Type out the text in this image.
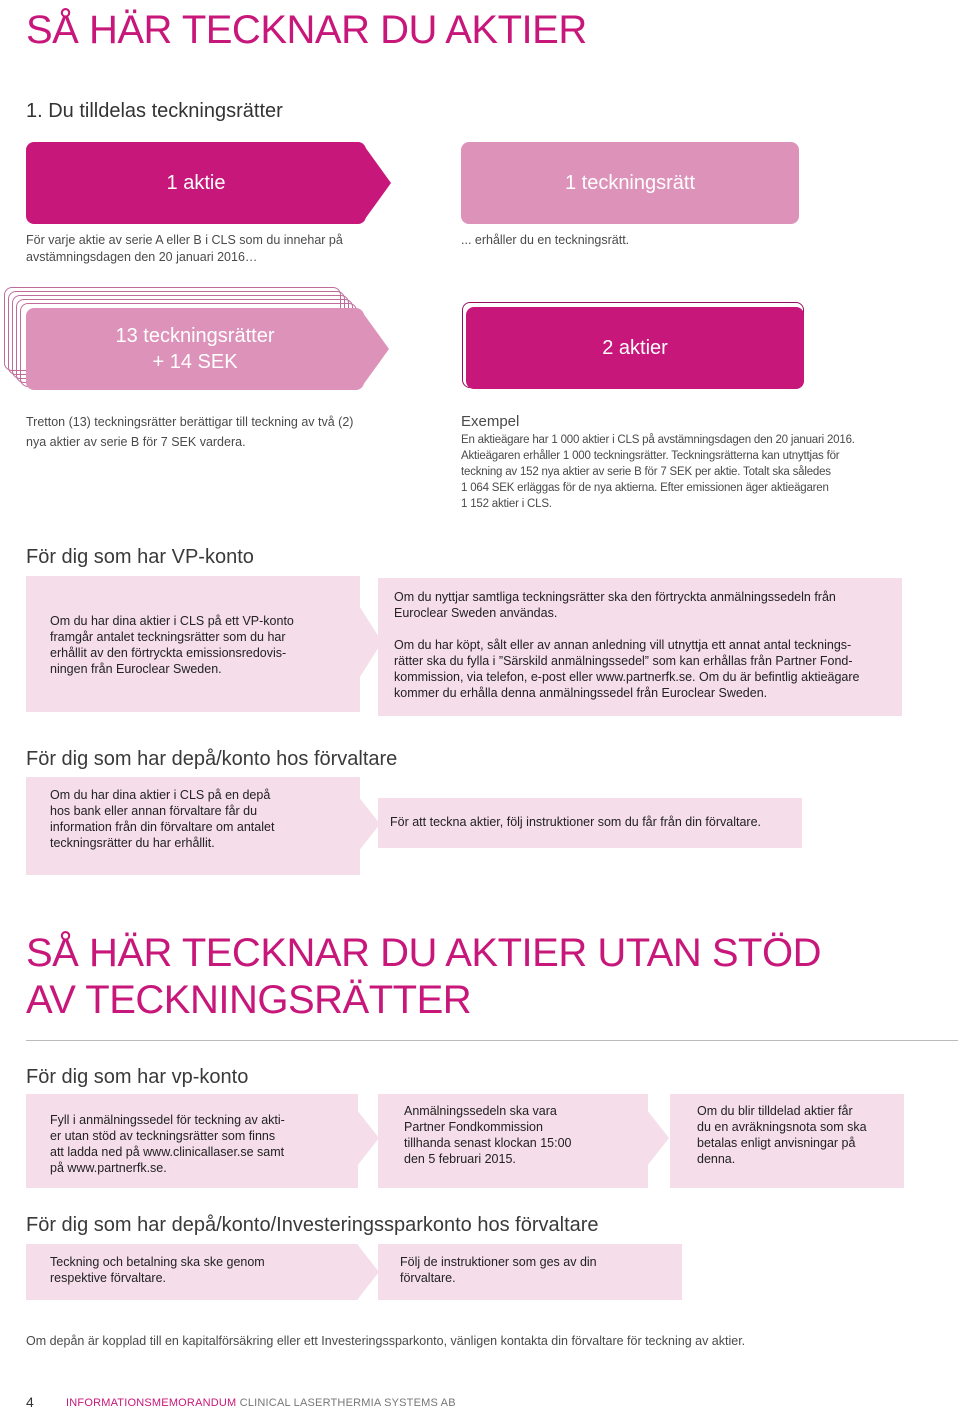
SÅ HÄR TECKNAR DU AKTIER
1. Du tilldelas teckningsrätter
1 aktie	1 teckningsrätt
För varje aktie av serie A eller B i CLS som du innehar på
avstämningsdagen den 20 januari 2016…
... erhåller du en teckningsrätt.
13 teckningsrätter
+ 14 SEK
2 aktier
Tretton (13) teckningsrätter berättigar till teckning av två (2)
nya aktier av serie B för 7 SEK vardera.
Exempel
En aktieägare har 1 000 aktier i CLS på avstämningsdagen den 20 januari 2016.
Aktieägaren erhåller 1 000 teckningsrätter. Teckningsrätterna kan utnyttjas för
teckning av 152 nya aktier av serie B för 7 SEK per aktie. Totalt ska således
1 064 SEK erläggas för de nya aktierna. Efter emissionen äger aktieägaren
1 152 aktier i CLS.
För dig som har VP-konto
Om du har dina aktier i CLS på ett VP-konto
framgår antalet teckningsrätter som du har
erhållit av den förtryckta emissionsredovis-
ningen från Euroclear Sweden.
Om du nyttjar samtliga teckningsrätter ska den förtryckta anmälningssedeln från
Euroclear Sweden användas.
Om du har köpt, sålt eller av annan anledning vill utnyttja ett annat antal tecknings-
rätter ska du fylla i ”Särskild anmälningssedel” som kan erhållas från Partner Fond-
kommission, via telefon, e-post eller www.partnerfk.se. Om du är befintlig aktieägare
kommer du erhålla denna anmälningssedel från Euroclear Sweden.
För dig som har depå/konto hos förvaltare
Om du har dina aktier i CLS på en depå
hos bank eller annan förvaltare får du
information från din förvaltare om antalet
teckningsrätter du har erhållit.
För att teckna aktier, följ instruktioner som du får från din förvaltare.
SÅ HÄR TECKNAR DU AKTIER UTAN STÖD
AV TECKNINGSRÄTTER
För dig som har vp-konto
Fyll i anmälningssedel för teckning av akti-
er utan stöd av teckningsrätter som finns
att ladda ned på www.clinicallaser.se samt
på www.partnerfk.se.
Anmälningssedeln ska vara
Partner Fondkommission
tillhanda senast klockan 15:00
den 5 februari 2015.
Om du blir tilldelad aktier får
du en avräkningsnota som ska
betalas enligt anvisningar på
denna.
För dig som har depå/konto/Investeringssparkonto hos förvaltare
Teckning och betalning ska ske genom
respektive förvaltare.
Följ de instruktioner som ges av din
förvaltare.
Om depån är kopplad till en kapitalförsäkring eller ett Investeringssparkonto, vänligen kontakta din förvaltare för teckning av aktier.
4	INFORMATIONSMEMORANDUM CLINICAL LASERTHERMIA SYSTEMS AB
